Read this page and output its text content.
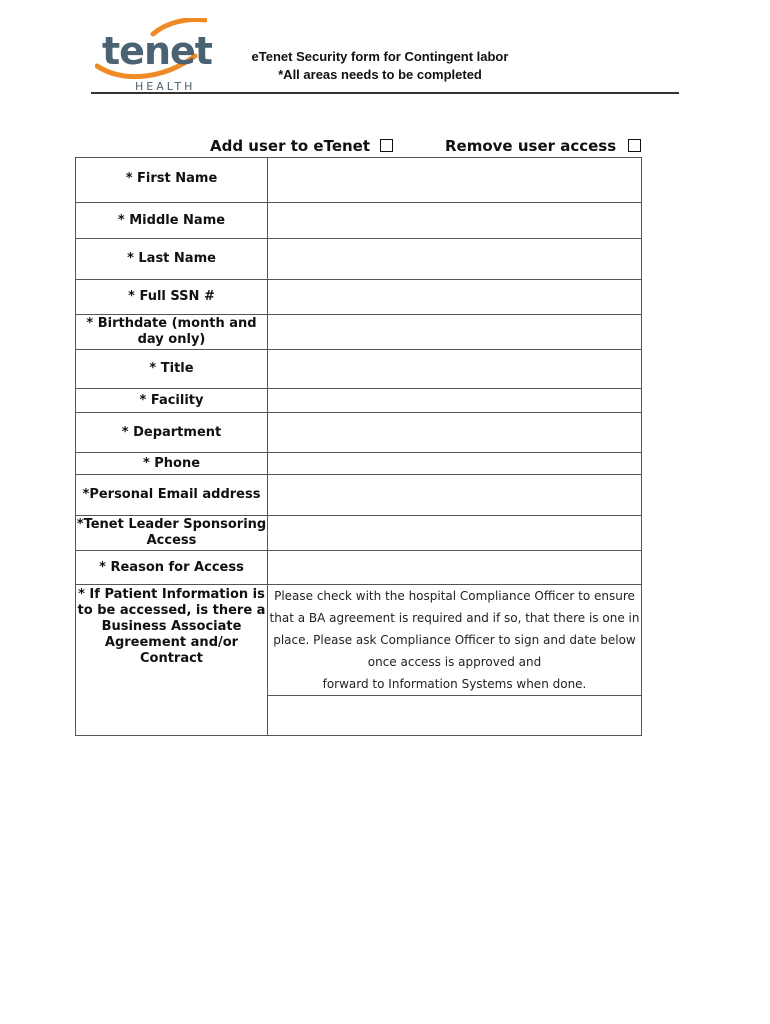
tenet
HEALTH
eTenet Security form for Contingent labor
*All areas needs to be completed
Add user to eTenet	Remove user access
* First Name	
* Middle Name	
* Last Name	
* Full SSN #	
* Birthdate (month and day only)	
* Title	
* Facility	
* Department	
* Phone	
*Personal Email address	
*Tenet Leader Sponsoring Access	
* Reason for Access	
* If Patient Information is to be accessed, is there a Business Associate Agreement and/or Contract	Please check with the hospital Compliance Officer to ensure
that a BA agreement is required and if so, that there is one in
place. Please ask Compliance Officer to sign and date below
once access is approved and
forward to Information Systems when done.
